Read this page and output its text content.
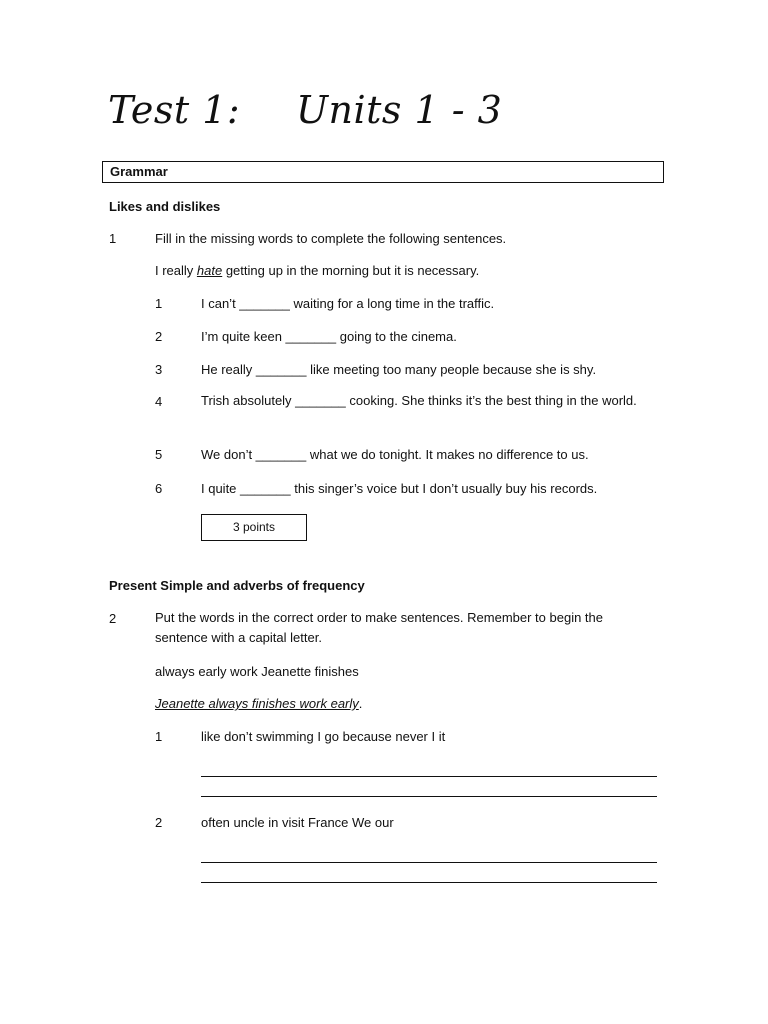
Test 1: Units 1 - 3
Grammar
Likes and dislikes
1	Fill in the missing words to complete the following sentences.
I really hate getting up in the morning but it is necessary.
1	I can’t _______ waiting for a long time in the traffic.
2	I’m quite keen _______ going to the cinema.
3	He really _______ like meeting too many people because she is shy.
4	Trish absolutely _______ cooking. She thinks it’s the best thing in the world.
5	We don’t _______ what we do tonight. It makes no difference to us.
6	I quite _______ this singer’s voice but I don’t usually buy his records.
3 points
Present Simple and adverbs of frequency
2	Put the words in the correct order to make sentences. Remember to begin the sentence with a capital letter.
always early work Jeanette finishes
Jeanette always finishes work early.
1	like don’t swimming I go because never I it
2	often uncle in visit France We our
